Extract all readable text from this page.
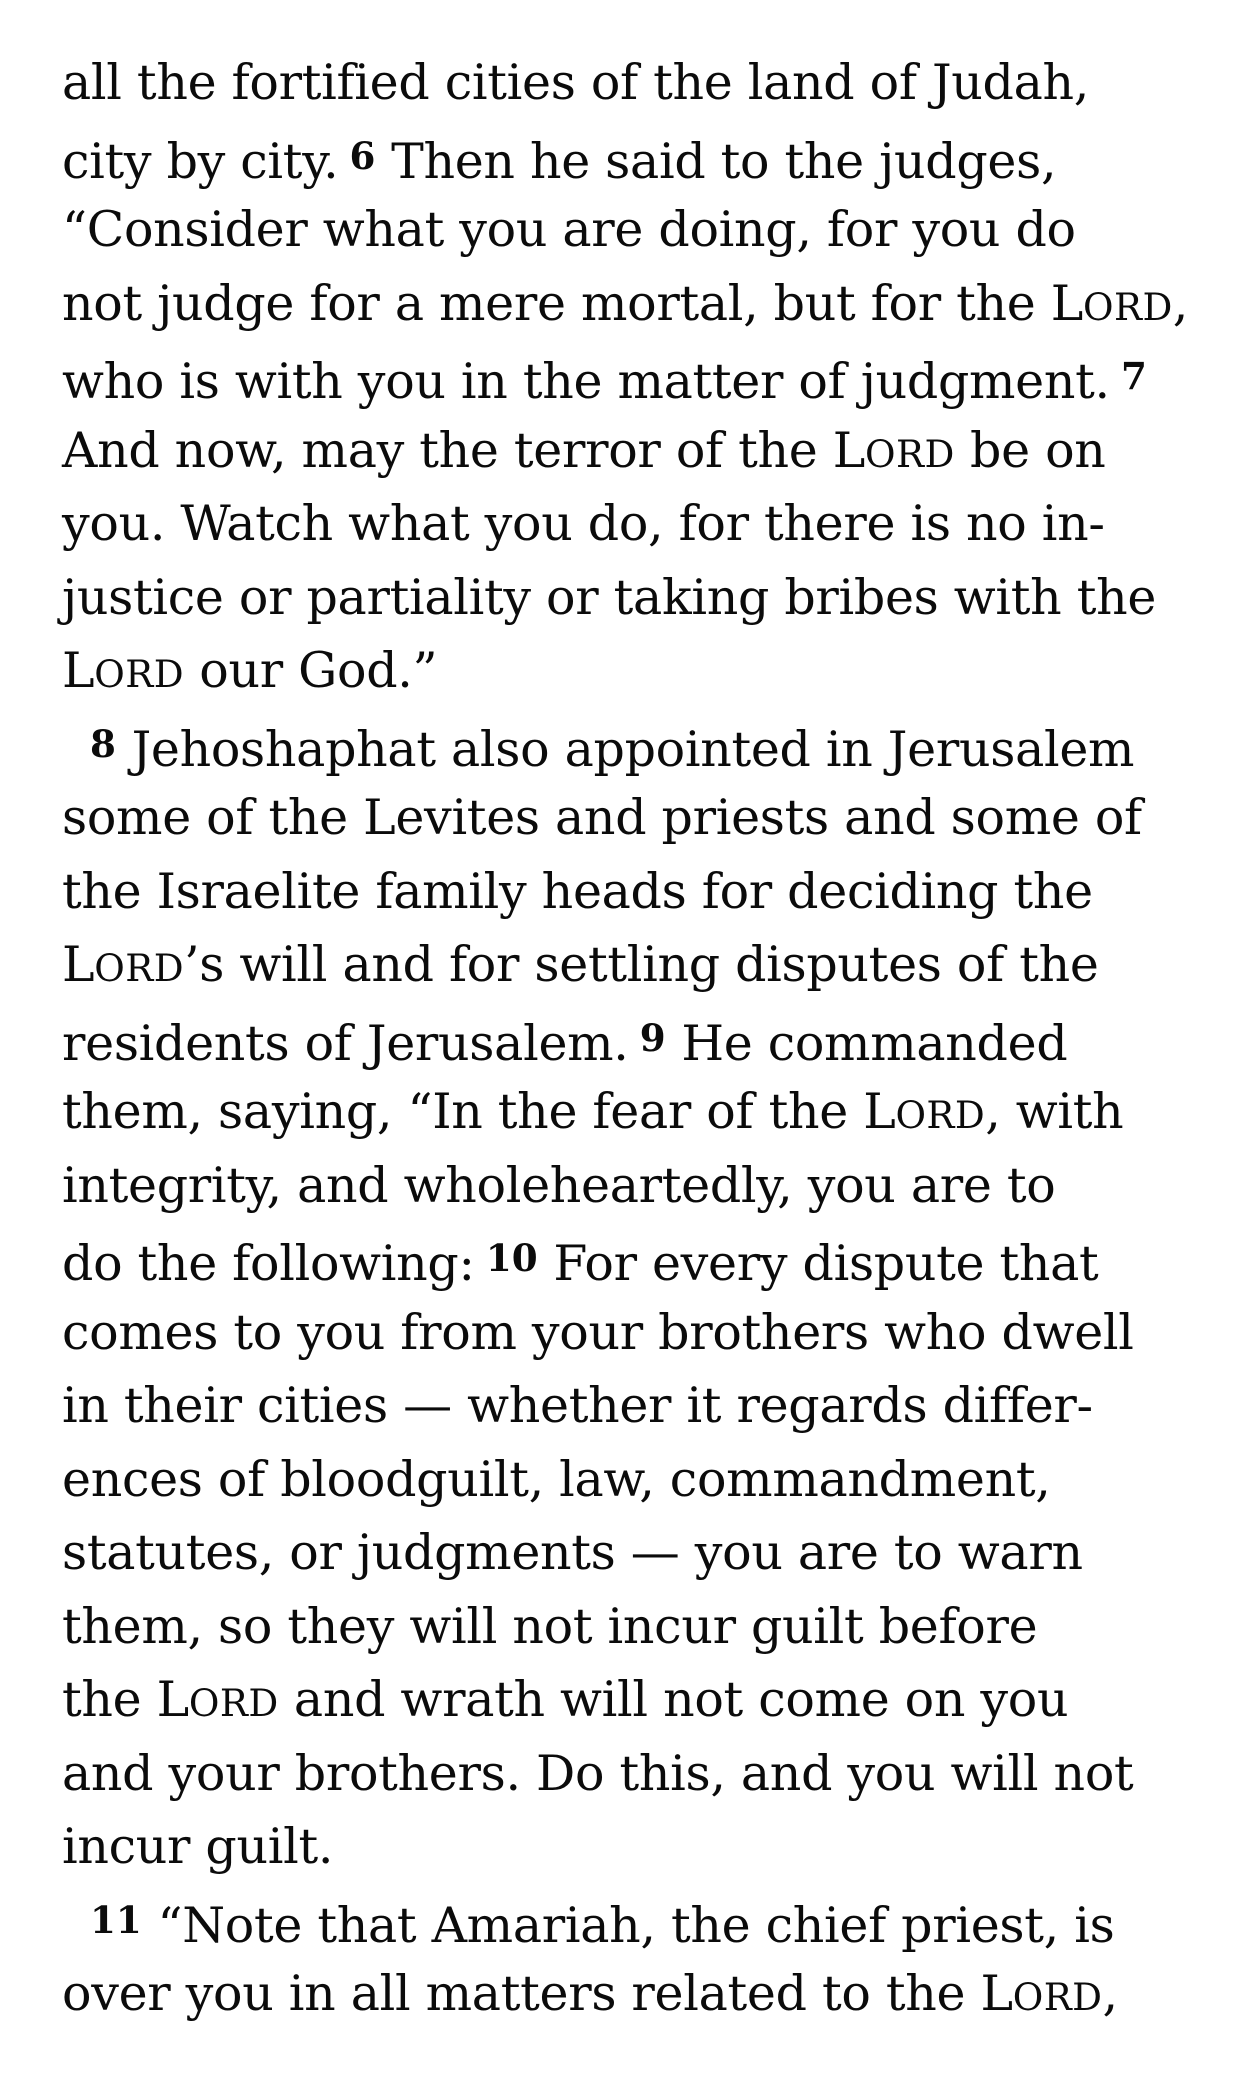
all the fortified cities of the land of Judah,
city by city. 6 Then he said to the judges,
“Consider what you are doing, for you do
not judge for a mere mortal, but for the LORD,
who is with you in the matter of judgment. 7
And now, may the terror of the LORD be on
you. Watch what you do, for there is no in-
justice or partiality or taking bribes with the
LORD our God.”
8 Jehoshaphat also appointed in Jerusalem
some of the Levites and priests and some of
the Israelite family heads for deciding the
LORD’s will and for settling disputes of the
residents of Jerusalem. 9 He commanded
them, saying, “In the fear of the LORD, with
integrity, and wholeheartedly, you are to
do the following: 10 For every dispute that
comes to you from your brothers who dwell
in their cities — whether it regards differ-
ences of bloodguilt, law, commandment,
statutes, or judgments — you are to warn
them, so they will not incur guilt before
the LORD and wrath will not come on you
and your brothers. Do this, and you will not
incur guilt.
11 “Note that Amariah, the chief priest, is
over you in all matters related to the LORD,
